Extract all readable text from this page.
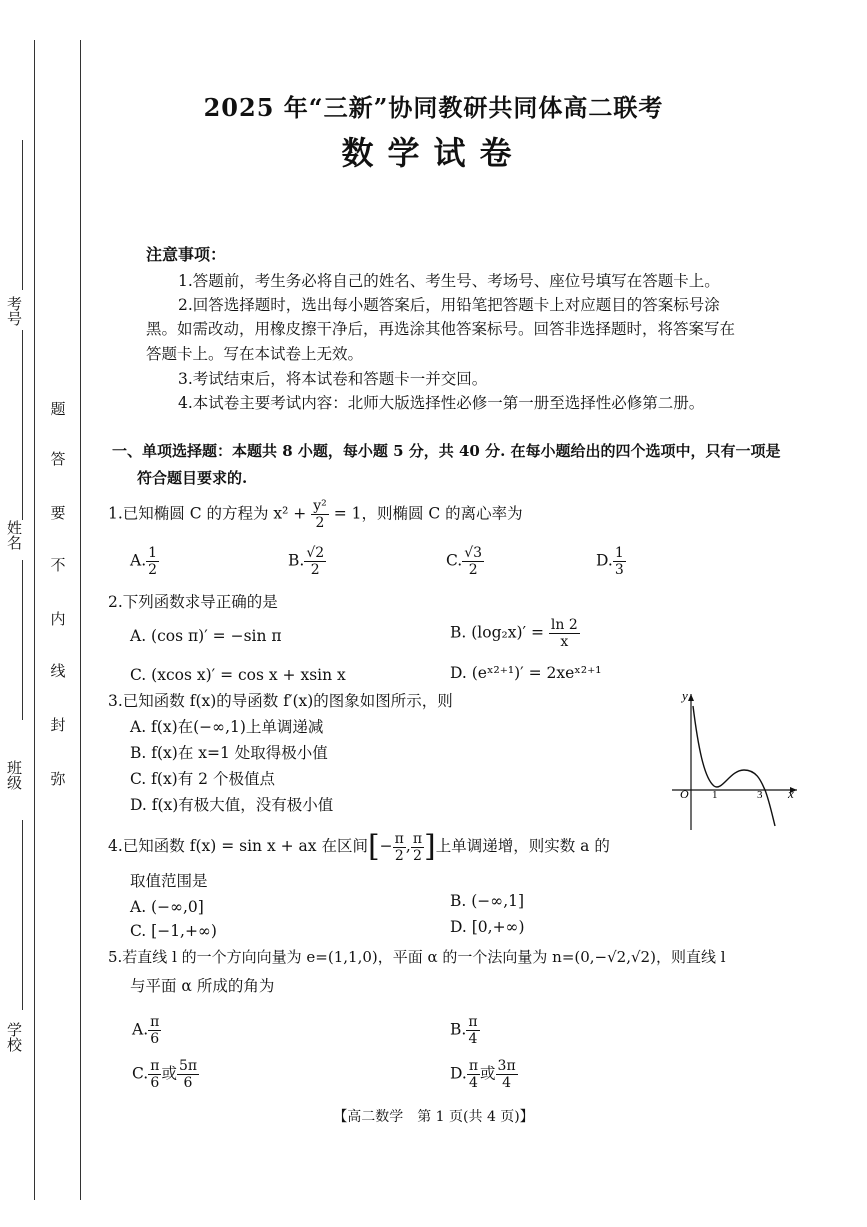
考号
姓名
班级
学校
题
答
要
不
内
线
封
弥
2025 年“三新”协同教研共同体高二联考
数学试卷
注意事项：
1.答题前，考生务必将自己的姓名、考生号、考场号、座位号填写在答题卡上。
2.回答选择题时，选出每小题答案后，用铅笔把答题卡上对应题目的答案标号涂
黑。如需改动，用橡皮擦干净后，再选涂其他答案标号。回答非选择题时，将答案写在
答题卡上。写在本试卷上无效。
3.考试结束后，将本试卷和答题卡一并交回。
4.本试卷主要考试内容：北师大版选择性必修一第一册至选择性必修第二册。
一、单项选择题：本题共 8 小题，每小题 5 分，共 40 分. 在每小题给出的四个选项中，只有一项是
符合题目要求的.
1.已知椭圆 C 的方程为 $x^2 + \frac{\text{y²}}{2} = 1$，则椭圆 C 的离心率为
A. $\frac{1}{2}$	B. $\frac{√2}{2}$	C. $\frac{√3}{2}$	D. $\frac{1}{3}$
2.下列函数求导正确的是
A. (cos π)′ = −sin π	B. $(\log_2x)' = \frac{\ln 2}{x}$
C. (xcos x)′ = cos x + xsin x	D. (eˣ²⁺¹)′ = 2xeˣ²⁺¹
3.已知函数 f(x)的导函数 f′(x)的图象如图所示，则
A. f(x)在(−∞,1)上单调递减
B. f(x)在 x=1 处取得极小值
C. f(x)有 2 个极值点
D. f(x)有极大值，没有极小值
y
O 1	3 x
4.已知函数 f(x) = sin x + ax 在区间[− $\frac{\pi}{2}$ , $\frac{\pi}{2}$ ]上单调递增，则实数 a 的
取值范围是
A. (−∞,0]	B. (−∞,1]
C. [−1,+∞)	D. [0,+∞)
5.若直线 l 的一个方向向量为 e=(1,1,0)，平面 α 的一个法向量为 n=(0,−√2,√2)，则直线 l
与平面 α 所成的角为
A. $\frac{\pi}{6}$	B. $\frac{\pi}{4}$
C. $\frac{\pi}{6}$ 或 $\frac{5\pi}{6}$	D. $\frac{\pi}{4}$ 或 $\frac{3\pi}{4}$
【高二数学　第 1 页(共 4 页)】
